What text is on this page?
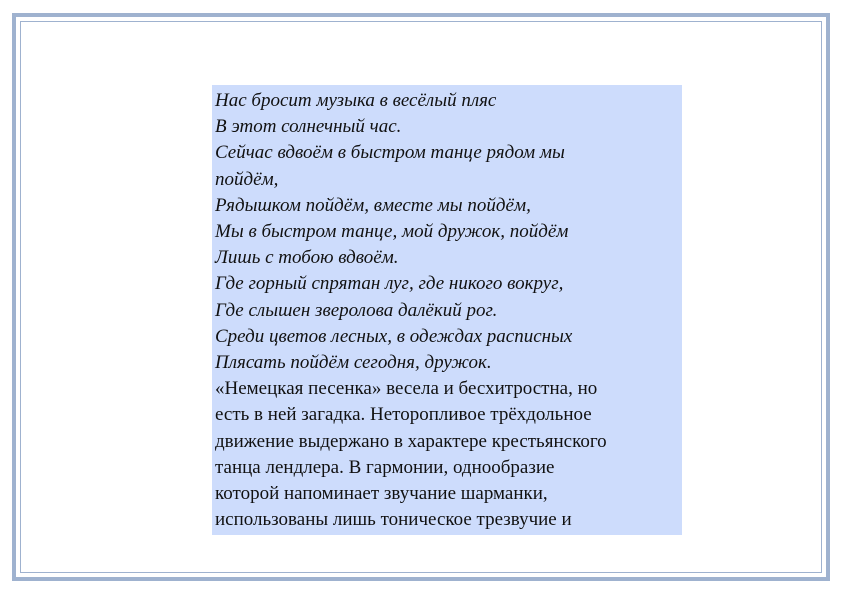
Нас бросит музыка в весёлый пляс
В этот солнечный час.
Сейчас вдвоём в быстром танце рядом мы
пойдём,
Рядышком пойдём, вместе мы пойдём,
Мы в быстром танце, мой дружок, пойдём
Лишь с тобою вдвоём.
Где горный спрятан луг, где никого вокруг,
Где слышен зверолова далёкий рог.
Среди цветов лесных, в одеждах расписных
Плясать пойдём сегодня, дружок.
«Немецкая песенка» весела и бесхитростна, но
есть в ней загадка. Неторопливое трёхдольное
движение выдержано в характере крестьянского
танца лендлера. В гармонии, однообразие
которой напоминает звучание шарманки,
использованы лишь тоническое трезвучие и
